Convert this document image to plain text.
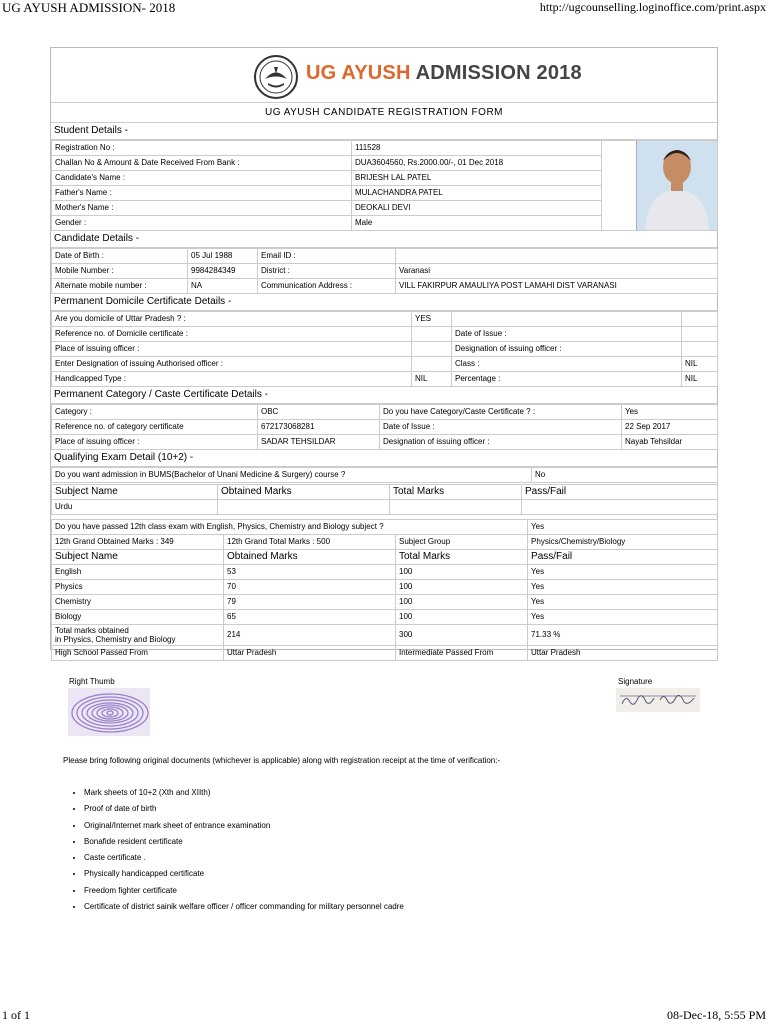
UG AYUSH ADMISSION- 2018	http://ugcounselling.loginoffice.com/print.aspx
UG AYUSH ADMISSION 2018
UG AYUSH CANDIDATE REGISTRATION FORM
Student Details -
Registration No :	111528	

Challan No & Amount & Date Received From Bank :	DUA3604560, Rs.2000.00/-, 01 Dec 2018	
Candidate's Name :	BRIJESH LAL PATEL	
Father's Name :	MULACHANDRA PATEL	
Mother's Name :	DEOKALI DEVI	
Gender :	Male	
Candidate Details -
Date of Birth :	05 Jul 1988	Email ID :	
Mobile Number :	9984284349	District :	Varanasi
Alternate mobile number :	NA	Communication Address :	VILL FAKIRPUR AMAULIYA POST LAMAHI DIST VARANASI
Permanent Domicile Certificate Details -
Are you domicile of Uttar Pradesh ? :	YES		
Reference no. of Domicile certificate :		Date of Issue :	
Place of issuing officer :		Designation of issuing officer :	
Enter Designation of issuing Authorised officer :		Class :	NIL
Handicapped Type :	NIL	Percentage :	NIL
Permanent Category / Caste Certificate Details -
Category :	OBC	Do you have Category/Caste Certificate ? :	Yes
Reference no. of category certificate	672173068281	Date of Issue :	22 Sep 2017
Place of issuing officer :	SADAR TEHSILDAR	Designation of issuing officer :	Nayab Tehsildar
Qualifying Exam Detail (10+2) -
Do you want admission in BUMS(Bachelor of Unani Medicine & Surgery) course ?	No
Subject Name	Obtained Marks	Total Marks	Pass/Fail
Urdu			
Do you have passed 12th class exam with English, Physics, Chemistry and Biology subject ?			Yes
12th Grand Obtained Marks : 349	12th Grand Total Marks : 500	Subject Group	Physics/Chemistry/Biology
Subject Name	Obtained Marks	Total Marks	Pass/Fail
English	53	100	Yes
Physics	70	100	Yes
Chemistry	79	100	Yes
Biology	65	100	Yes
Total marks obtained
in Physics, Chemistry and Biology	214	300	71.33 %
High School Passed From	Uttar Pradesh	Intermediate Passed From	Uttar Pradesh
Right Thumb	Signature
Please bring following original documents (whichever is applicable) along with registration receipt at the time of verification:-
• Mark sheets of 10+2 (Xth and XIIth)
• Proof of date of birth
• Original/Internet mark sheet of entrance examination
• Bonafide resident certificate
• Caste certificate .
• Physically handicapped certificate
• Freedom fighter certificate
• Certificate of district sainik welfare officer / officer commanding for military personnel cadre
1 of 1	08-Dec-18, 5:55 PM
